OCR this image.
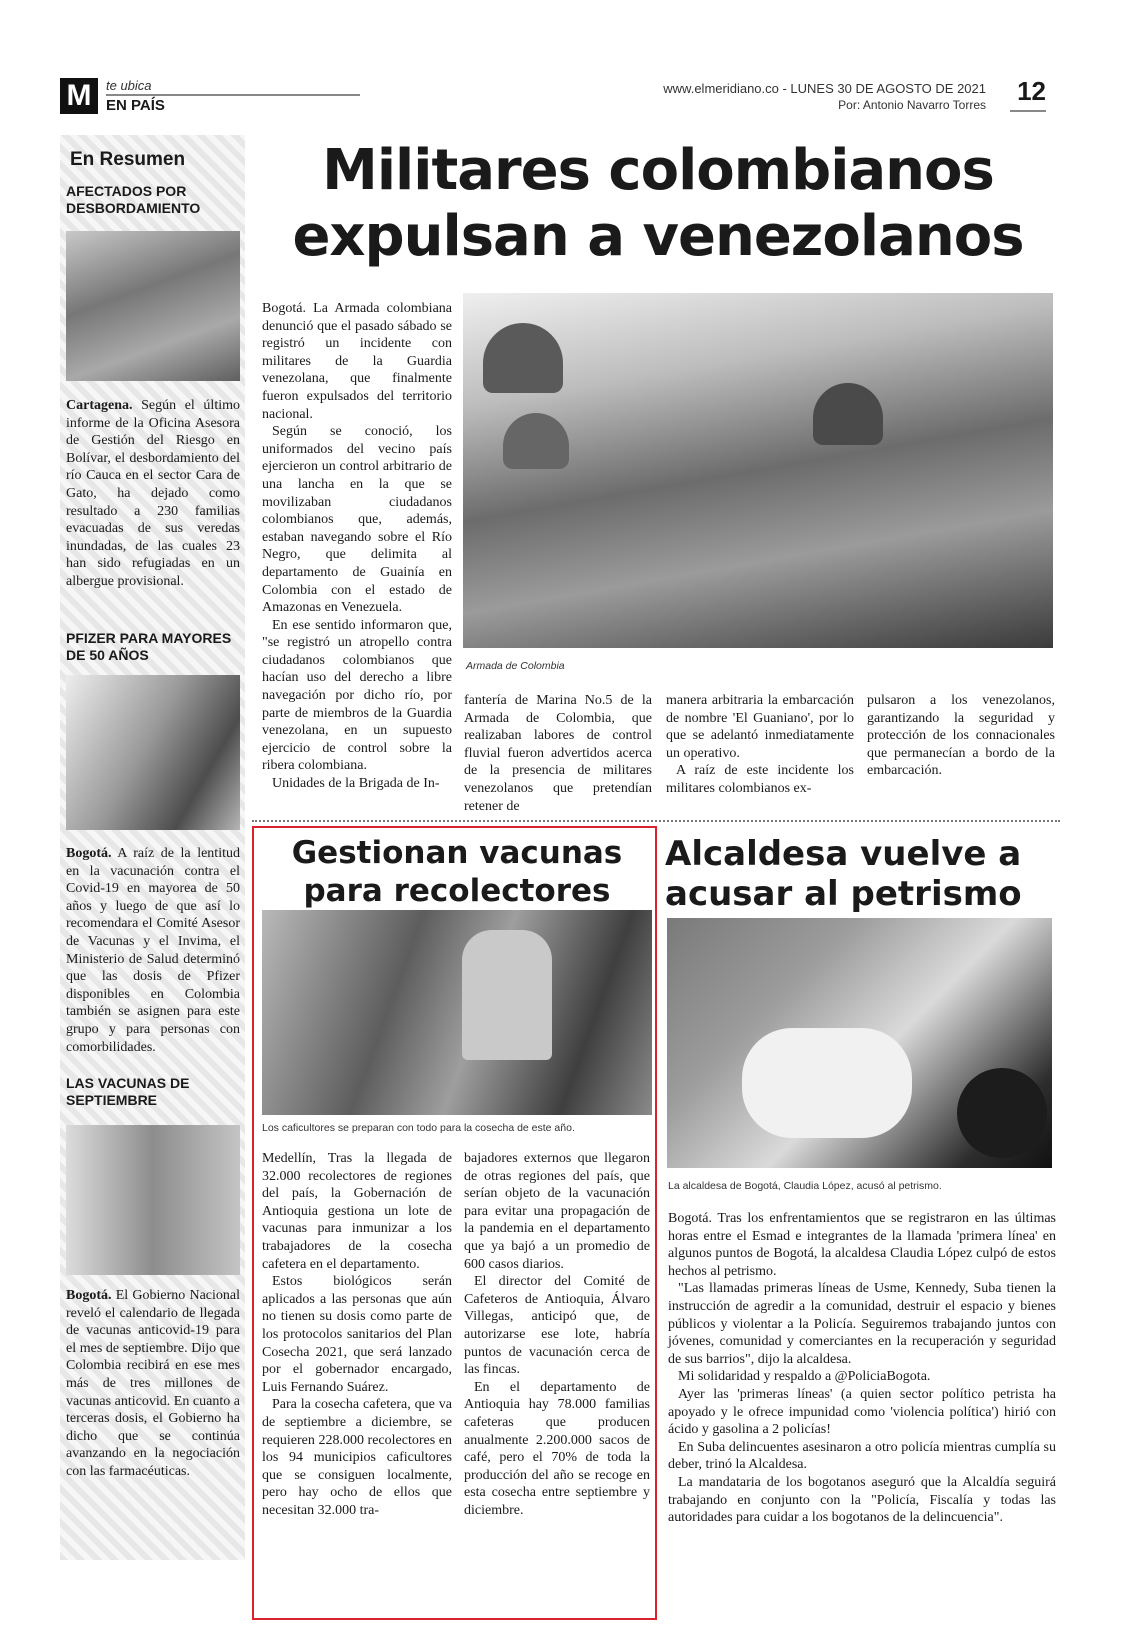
M	te ubica
EN PAÍS
www.elmeridiano.co - LUNES 30 DE AGOSTO DE 2021
Por: Antonio Navarro Torres 12
En Resumen
AFECTADOS POR DESBORDAMIENTO

Cartagena. Según el último informe de la Oficina Asesora de Gestión del Riesgo en Bolívar, el desbordamiento del río Cauca en el sector Cara de Gato, ha dejado como resultado a 230 familias evacuadas de sus veredas inundadas, de las cuales 23 han sido refugiadas en un albergue provisional.

PFIZER PARA MAYORES DE 50 AÑOS

Bogotá. A raíz de la lentitud en la vacunación contra el Covid-19 en mayorea de 50 años y luego de que así lo recomendara el Comité Asesor de Vacunas y el Invima, el Ministerio de Salud determinó que las dosis de Pfizer disponibles en Colombia también se asignen para este grupo y para personas con comorbilidades.

LAS VACUNAS DE SEPTIEMBRE

Bogotá. El Gobierno Nacional reveló el calendario de llegada de vacunas anticovid-19 para el mes de septiembre. Dijo que Colombia recibirá en ese mes más de tres millones de vacunas anticovid. En cuanto a terceras dosis, el Gobierno ha dicho que se continúa avanzando en la negociación con las farmacéuticas.

Militares colombianos
expulsan a venezolanos

Bogotá. La Armada colombiana denunció que el pasado sábado se registró un incidente con militares de la Guardia venezolana, que finalmente fueron expulsados del territorio nacional.

Según se conoció, los uniformados del vecino país ejercieron un control arbitrario de una lancha en la que se movilizaban ciudadanos colombianos que, además, estaban navegando sobre el Río Negro, que delimita al departamento de Guainía en Colombia con el estado de Amazonas en Venezuela.

En ese sentido informaron que, "se registró un atropello contra ciudadanos colombianos que hacían uso del derecho a libre navegación por dicho río, por parte de miembros de la Guardia venezolana, en un supuesto ejercicio de control sobre la ribera colombiana.

Unidades de la Brigada de In-

Armada de Colombia

fantería de Marina No.5 de la Armada de Colombia, que realizaban labores de control fluvial fueron advertidos acerca de la presencia de militares venezolanos que pretendían retener de

manera arbitraria la embarcación de nombre 'El Guaniano', por lo que se adelantó inmediatamente un operativo.

A raíz de este incidente los militares colombianos ex-

pulsaron a los venezolanos, garantizando la seguridad y protección de los connacionales que permanecían a bordo de la embarcación.

Gestionan vacunas
para recolectores
Los caficultores se preparan con todo para la cosecha de este año.

Medellín, Tras la llegada de 32.000 recolectores de regiones del país, la Gobernación de Antioquia gestiona un lote de vacunas para inmunizar a los trabajadores de la cosecha cafetera en el departamento.

Estos biológicos serán aplicados a las personas que aún no tienen su dosis como parte de los protocolos sanitarios del Plan Cosecha 2021, que será lanzado por el gobernador encargado, Luis Fernando Suárez.

Para la cosecha cafetera, que va de septiembre a diciembre, se requieren 228.000 recolectores en los 94 municipios caficultores que se consiguen localmente, pero hay ocho de ellos que necesitan 32.000 tra-

bajadores externos que llegaron de otras regiones del país, que serían objeto de la vacunación para evitar una propagación de la pandemia en el departamento que ya bajó a un promedio de 600 casos diarios.

El director del Comité de Cafeteros de Antioquia, Álvaro Villegas, anticipó que, de autorizarse ese lote, habría puntos de vacunación cerca de las fincas.

En el departamento de Antioquia hay 78.000 familias cafeteras que producen anualmente 2.200.000 sacos de café, pero el 70% de toda la producción del año se recoge en esta cosecha entre septiembre y diciembre.

Alcaldesa vuelve a
acusar al petrismo
La alcaldesa de Bogotá, Claudia López, acusó al petrismo.

Bogotá. Tras los enfrentamientos que se registraron en las últimas horas entre el Esmad e integrantes de la llamada 'primera línea' en algunos puntos de Bogotá, la alcaldesa Claudia López culpó de estos hechos al petrismo.

"Las llamadas primeras líneas de Usme, Kennedy, Suba tienen la instrucción de agredir a la comunidad, destruir el espacio y bienes públicos y violentar a la Policía. Seguiremos trabajando juntos con jóvenes, comunidad y comerciantes en la recuperación y seguridad de sus barrios", dijo la alcaldesa.

Mi solidaridad y respaldo a @PoliciaBogota.

Ayer las 'primeras líneas' (a quien sector político petrista ha apoyado y le ofrece impunidad como 'violencia política') hirió con ácido y gasolina a 2 policías!

En Suba delincuentes asesinaron a otro policía mientras cumplía su deber, trinó la Alcaldesa.

La mandataria de los bogotanos aseguró que la Alcaldía seguirá trabajando en conjunto con la "Policía, Fiscalía y todas las autoridades para cuidar a los bogotanos de la delincuencia".
